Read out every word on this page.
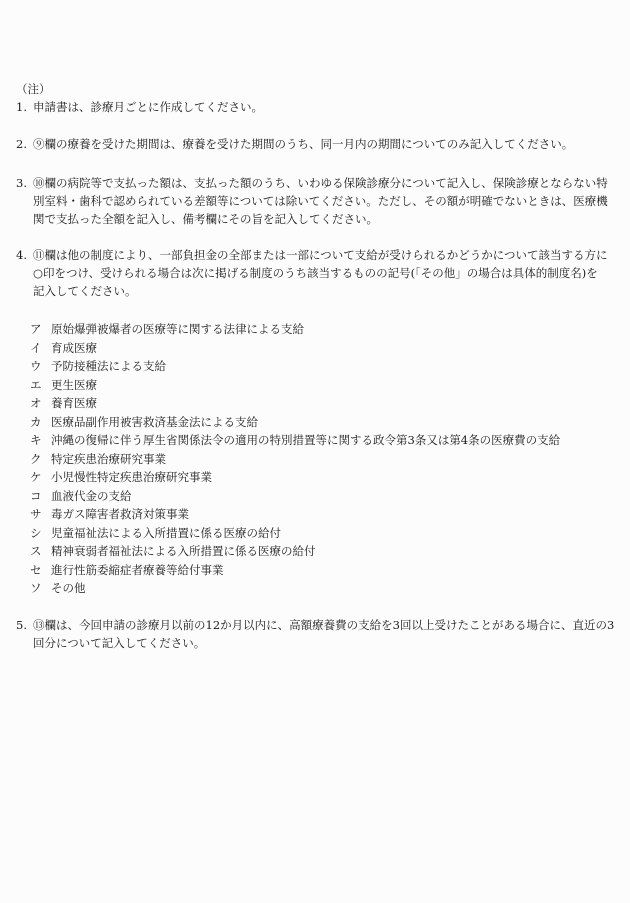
（注）
1. 申請書は、診療月ごとに作成してください。
2. ⑨欄の療養を受けた期間は、療養を受けた期間のうち、同一月内の期間についてのみ記入してください。
3. ⑩欄の病院等で支払った額は、支払った額のうち、いわゆる保険診療分について記入し、保険診療とならない特
別室料・歯科で認められている差額等については除いてください。ただし、その額が明確でないときは、医療機
関で支払った全額を記入し、備考欄にその旨を記入してください。
4. ⑪欄は他の制度により、一部負担金の全部または一部について支給が受けられるかどうかについて該当する方に
○印をつけ、受けられる場合は次に掲げる制度のうち該当するものの記号(「その他」の場合は具体的制度名)を
記入してください。
ア 原始爆弾被爆者の医療等に関する法律による支給
イ 育成医療
ウ 予防接種法による支給
エ 更生医療
オ 養育医療
カ 医療品副作用被害救済基金法による支給
キ 沖縄の復帰に伴う厚生省関係法令の適用の特別措置等に関する政令第3条又は第4条の医療費の支給
ク 特定疾患治療研究事業
ケ 小児慢性特定疾患治療研究事業
コ 血液代金の支給
サ 毒ガス障害者救済対策事業
シ 児童福祉法による入所措置に係る医療の給付
ス 精神衰弱者福祉法による入所措置に係る医療の給付
セ 進行性筋委縮症者療養等給付事業
ソ その他
5. ⑬欄は、今回申請の診療月以前の12か月以内に、高額療養費の支給を3回以上受けたことがある場合に、直近の3
回分について記入してください。
